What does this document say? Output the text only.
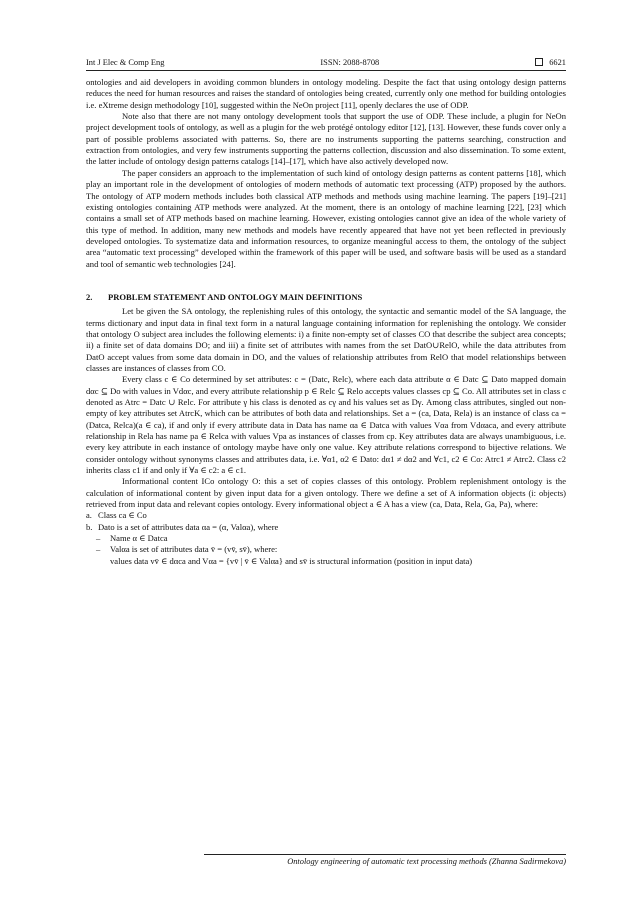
Int J Elec & Comp Eng	ISSN: 2088-8708	6621

ontologies and aid developers in avoiding common blunders in ontology modeling. Despite the fact that using ontology design patterns reduces the need for human resources and raises the standard of ontologies being created, currently only one method for building ontologies i.e. eXtreme design methodology [10], suggested within the NeOn project [11], openly declares the use of ODP.

Note also that there are not many ontology development tools that support the use of ODP. These include, a plugin for NeOn project development tools of ontology, as well as a plugin for the web protégé ontology editor [12], [13]. However, these funds cover only a part of possible problems associated with patterns. So, there are no instruments supporting the patterns searching, construction and extraction from ontologies, and very few instruments supporting the patterns collection, discussion and also dissemination. To some extent, the latter include of ontology design patterns catalogs [14]–[17], which have also actively developed now.

The paper considers an approach to the implementation of such kind of ontology design patterns as content patterns [18], which play an important role in the development of ontologies of modern methods of automatic text processing (ATP) proposed by the authors. The ontology of ATP modern methods includes both classical ATP methods and methods using machine learning. The papers [19]–[21] existing ontologies containing ATP methods were analyzed. At the moment, there is an ontology of machine learning [22], [23] which contains a small set of ATP methods based on machine learning. However, existing ontologies cannot give an idea of the whole variety of this type of method. In addition, many new methods and models have recently appeared that have not yet been reflected in previously developed ontologies. To systematize data and information resources, to organize meaningful access to them, the ontology of the subject area “automatic text processing” developed within the framework of this paper will be used, and software basis will be used as a standard and tool of semantic web technologies [24].

2. PROBLEM STATEMENT AND ONTOLOGY MAIN DEFINITIONS

Let be given the SA ontology, the replenishing rules of this ontology, the syntactic and semantic model of the SA language, the terms dictionary and input data in final text form in a natural language containing information for replenishing the ontology. We consider that ontology O subject area includes the following elements: i) a finite non-empty set of classes CO that describe the subject area concepts; ii) a finite set of data domains DO; and iii) a finite set of attributes with names from the set DatO∪RelO, while the data attributes from DatO accept values from some data domain in DO, and the values of relationship attributes from RelO that model relationships between classes are instances of classes from CO.

Every class c ∈ Co determined by set attributes: c = (Datc, Relc), where each data attribute α ∈ Datc ⊆ Dato mapped domain dαc ⊆ Do with values in Vdαc, and every attribute relationship p ∈ Relc ⊆ Relo accepts values classes cp ⊆ Co. All attributes set in class c denoted as Atrc = Datc ∪ Relc. For attribute γ his class is denoted as cγ and his values set as Dγ. Among class attributes, singled out non-empty of key attributes set AtrcK, which can be attributes of both data and relationships. Set a = (ca, Data, Rela) is an instance of class ca = (Datca, Relca)(a ∈ ca), if and only if every attribute data in Data has name αa ∈ Datca with values Vαa from Vdαaca, and every attribute relationship in Rela has name pa ∈ Relca with values Vpa as instances of classes from cp. Key attributes data are always unambiguous, i.e. every key attribute in each instance of ontology maybe have only one value. Key attribute relations correspond to bijective relations. We consider ontology without synonyms classes and attributes data, i.e. ∀α1, α2 ∈ Dato: dα1 ≠ dα2 and ∀c1, c2 ∈ Co: Atrc1 ≠ Atrc2. Class c2 inherits class c1 if and only if ∀a ∈ c2: a ∈ c1.

Informational content ICo ontology O: this a set of copies classes of this ontology. Problem replenishment ontology is the calculation of informational content by given input data for a given ontology. There we define a set of A information objects (i: objects) retrieved from input data and relevant copies ontology. Every informational object a ∈ A has a view (ca, Data, Rela, Ga, Pa), where:

a. Class ca ∈ Co
b. Dato is a set of attributes data αa = (α, Valαa), where
–	Name α ∈ Datca
–	Valαa is set of attributes data v̄ = (vv̄, sv̄), where:
values data vv̄ ∈ dαca and Vαa = {vv̄ | v̄ ∈ Valαa} and sv̄ is structural information (position in input data)
Ontology engineering of automatic text processing methods (Zhanna Sadirmekova)
